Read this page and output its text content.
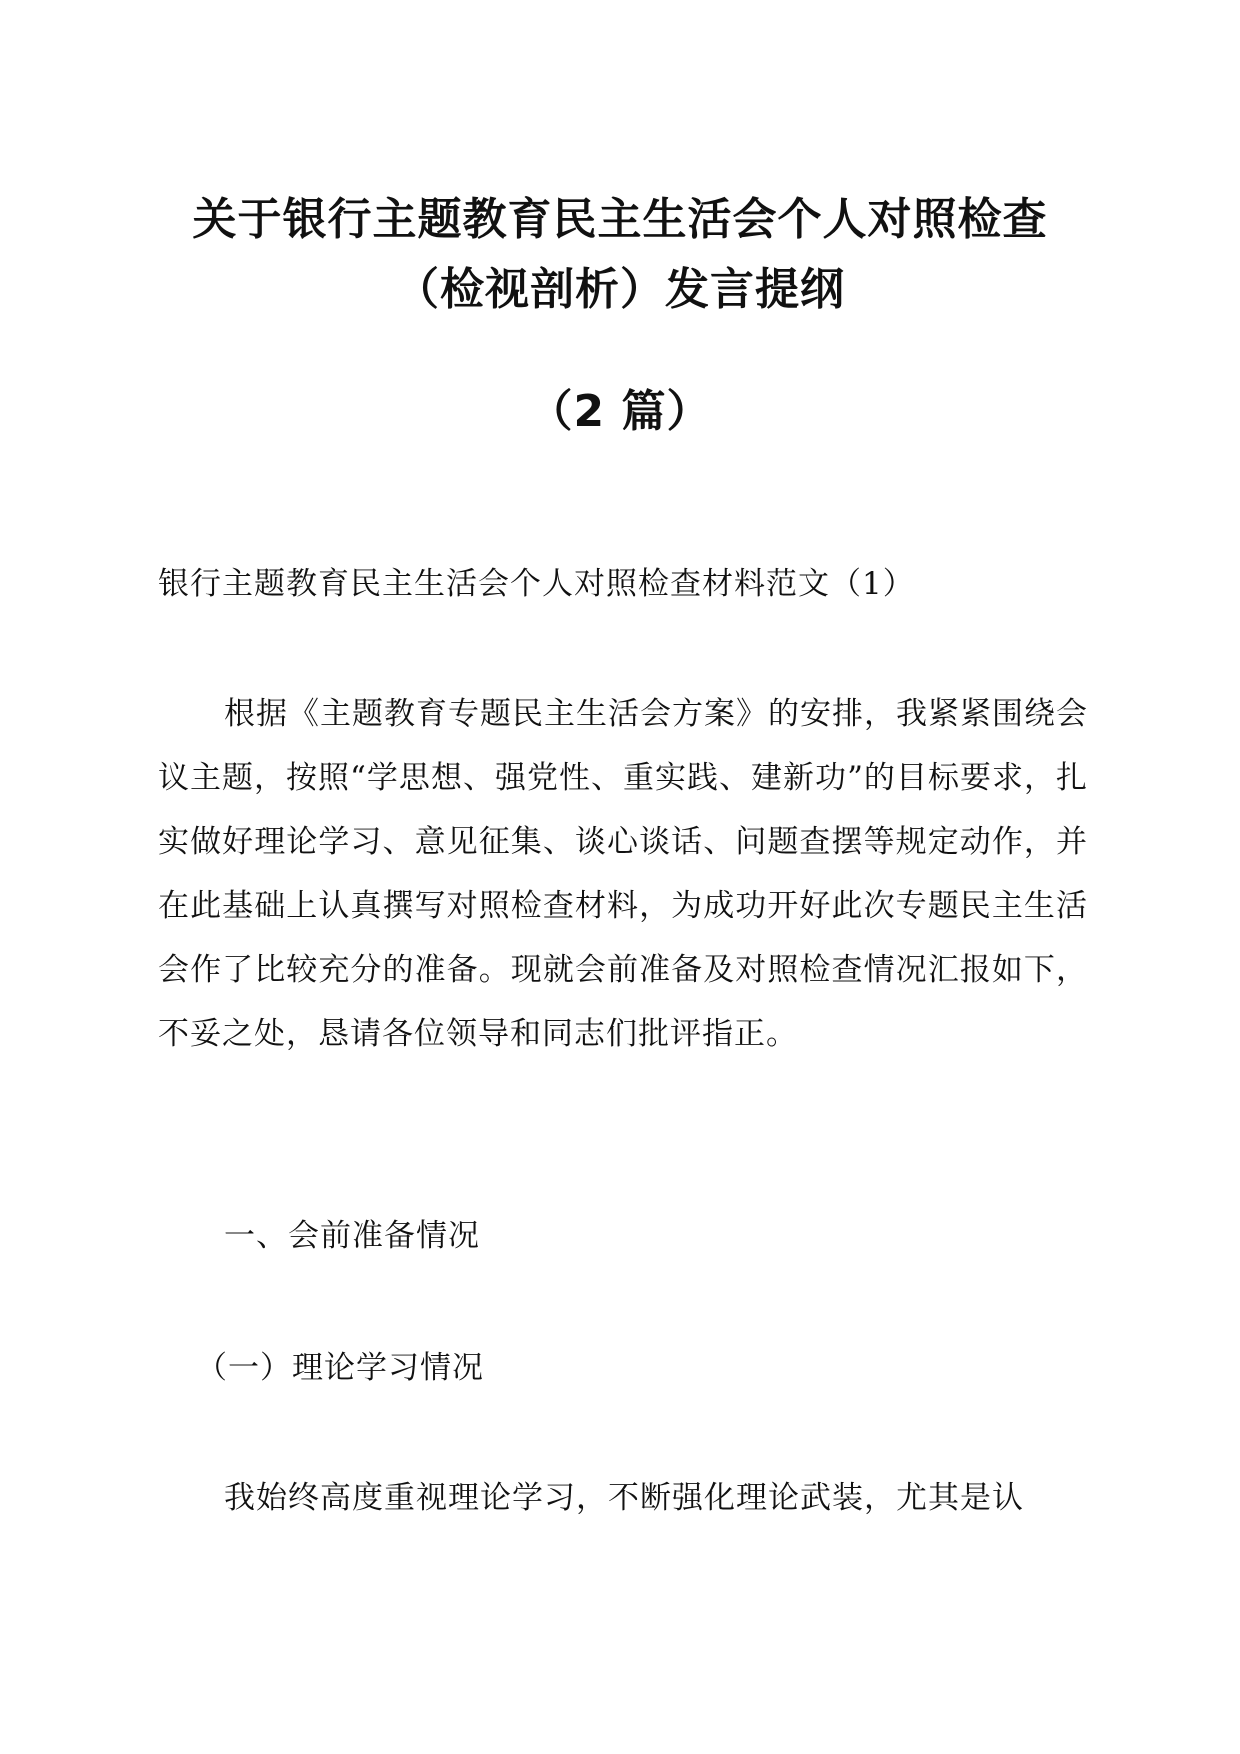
关于银行主题教育民主生活会个人对照检查
（检视剖析）发言提纲
（2 篇）
银行主题教育民主生活会个人对照检查材料范文（1）
根据《主题教育专题民主生活会方案》的安排，我紧紧围绕会议主题，按照“学思想、强党性、重实践、建新功”的目标要求，扎实做好理论学习、意见征集、谈心谈话、问题查摆等规定动作，并在此基础上认真撰写对照检查材料，为成功开好此次专题民主生活会作了比较充分的准备。现就会前准备及对照检查情况汇报如下，不妥之处，恳请各位领导和同志们批评指正。
一、会前准备情况
（一）理论学习情况
我始终高度重视理论学习，不断强化理论武装，尤其是认
